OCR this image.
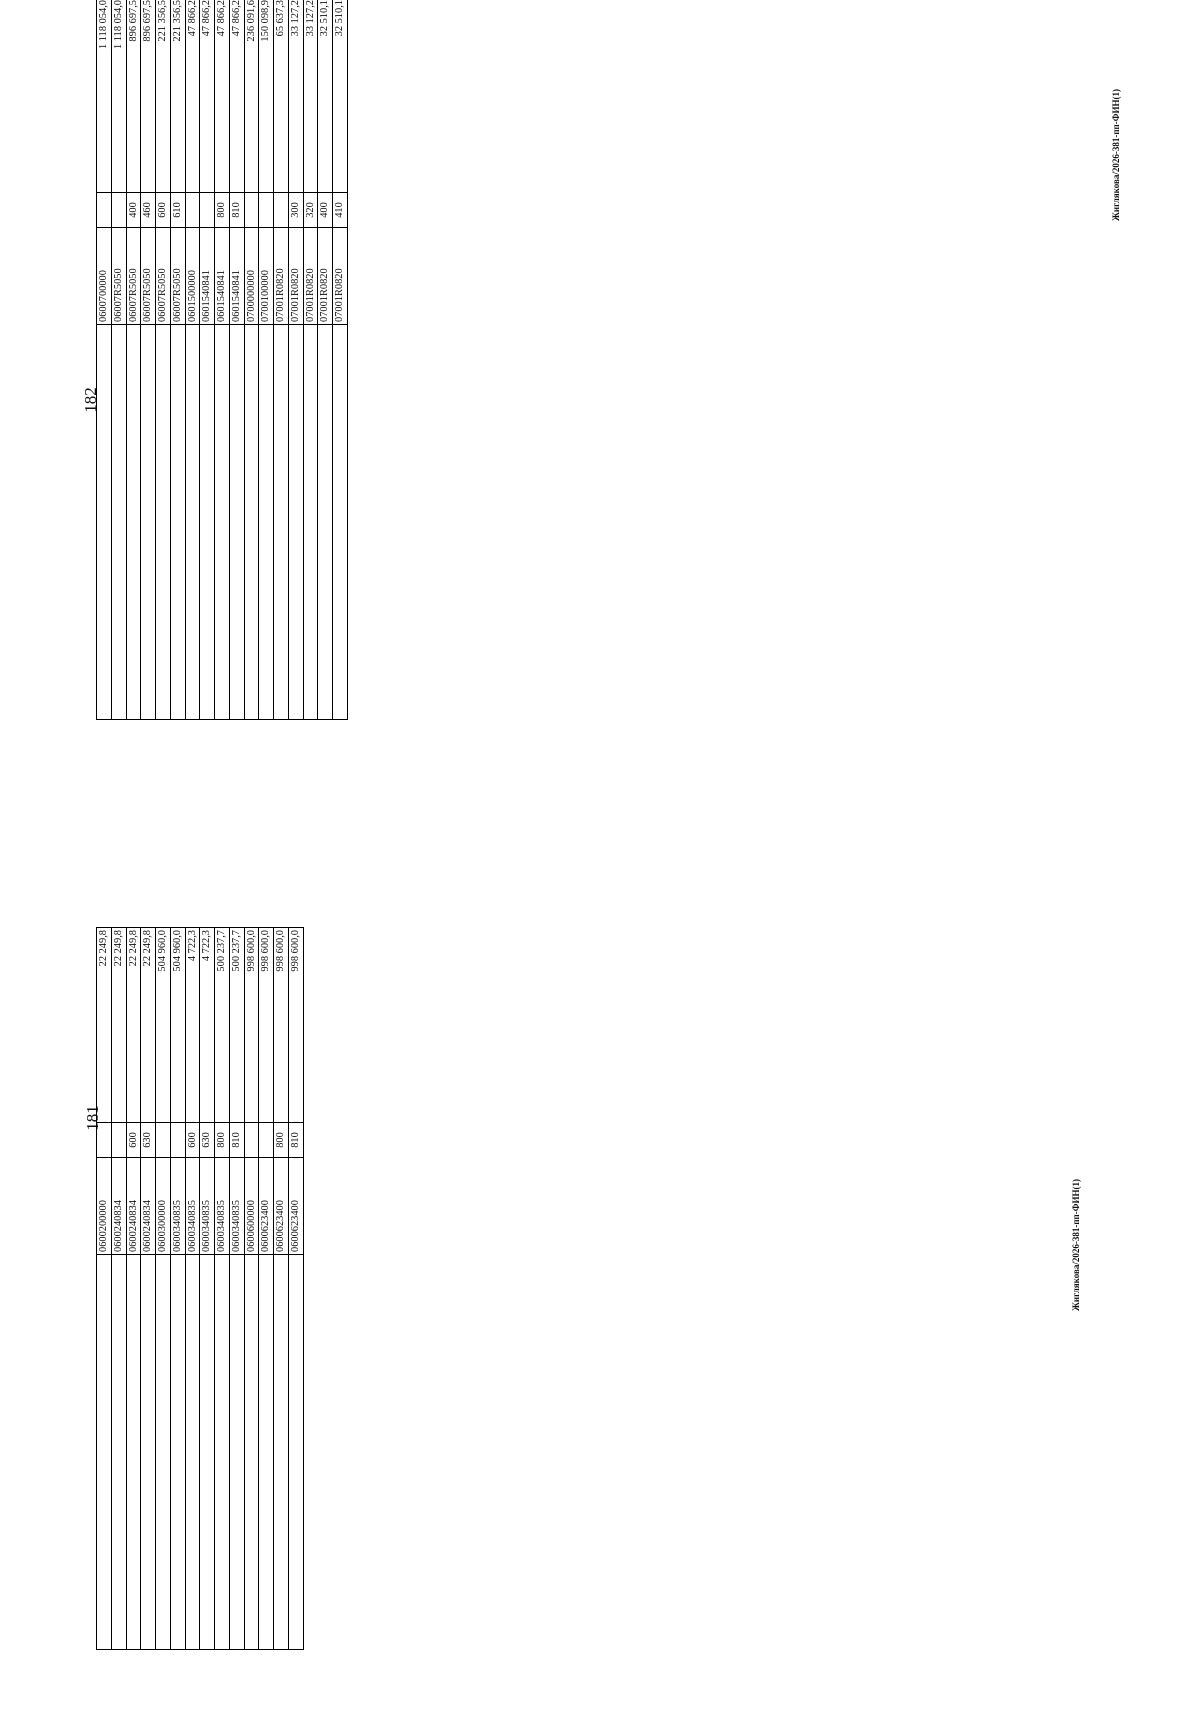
181
182
Жиглякова/2026-381-пп-ФИН(1)
Жиглякова/2026-381-пп-ФИН(1)
	0600200000		22 249,8
	0600240834		22 249,8
	0600240834	600	22 249,8
	0600240834	630	22 249,8
	0600300000		504 960,0
	0600340835		504 960,0
	0600340835	600	4 722,3
	0600340835	630	4 722,3
	0600340835	800	500 237,7
	0600340835	810	500 237,7
	0600600000		998 600,0
	0600623400		998 600,0
	0600623400	800	998 600,0
	0600623400	810	998 600,0
	0600700000		1 118 054,0
	06007R5050		1 118 054,0
	06007R5050	400	896 697,5
	06007R5050	460	896 697,5
	06007R5050	600	221 356,5
	06007R5050	610	221 356,5
	0601500000		47 866,2
	0601540841		47 866,2
	0601540841	800	47 866,2
	0601540841	810	47 866,2
	0700000000		236 091,6
	0700100000		150 098,9
	07001R0820		65 637,3
	07001R0820	300	33 127,2
	07001R0820	320	33 127,2
	07001R0820	400	32 510,1
	07001R0820	410	32 510,1
